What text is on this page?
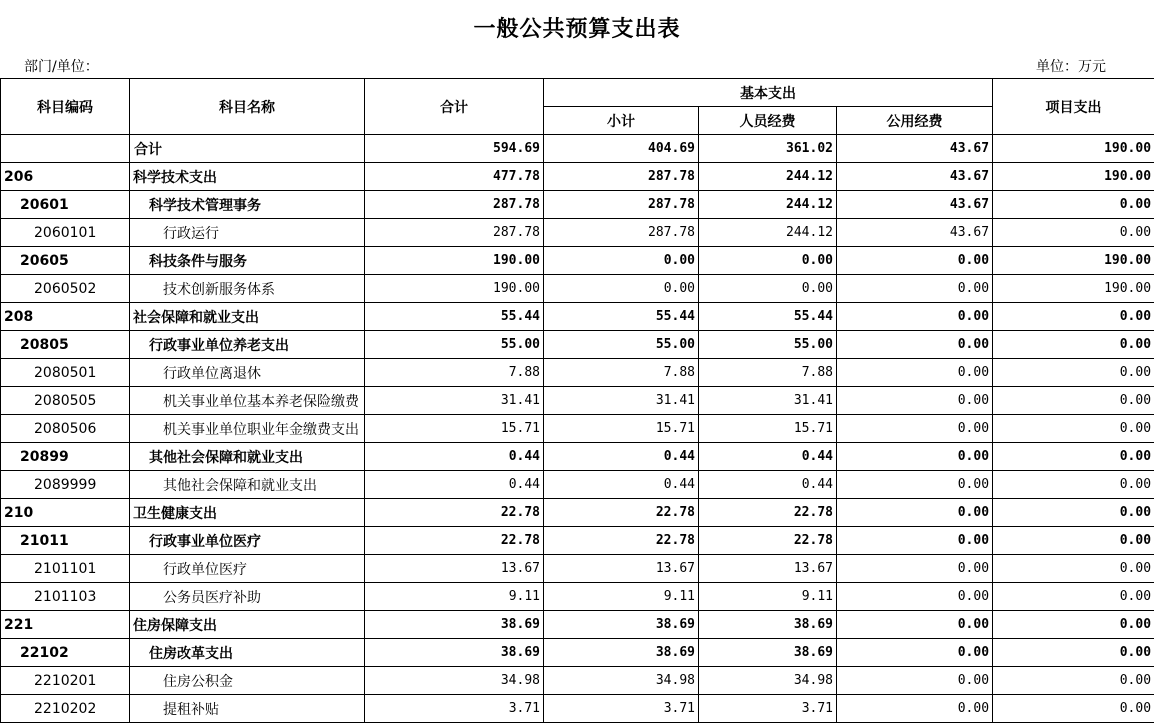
一般公共预算支出表
部门/单位：	单位：万元
科目编码	科目名称	合计	基本支出			项目支出
			小计	人员经费	公用经费	
	合计	594.69	404.69	361.02	43.67	190.00
206	科学技术支出	477.78	287.78	244.12	43.67	190.00
20601	科学技术管理事务	287.78	287.78	244.12	43.67	0.00
2060101	行政运行	287.78	287.78	244.12	43.67	0.00
20605	科技条件与服务	190.00	0.00	0.00	0.00	190.00
2060502	技术创新服务体系	190.00	0.00	0.00	0.00	190.00
208	社会保障和就业支出	55.44	55.44	55.44	0.00	0.00
20805	行政事业单位养老支出	55.00	55.00	55.00	0.00	0.00
2080501	行政单位离退休	7.88	7.88	7.88	0.00	0.00
2080505	机关事业单位基本养老保险缴费	31.41	31.41	31.41	0.00	0.00
2080506	机关事业单位职业年金缴费支出	15.71	15.71	15.71	0.00	0.00
20899	其他社会保障和就业支出	0.44	0.44	0.44	0.00	0.00
2089999	其他社会保障和就业支出	0.44	0.44	0.44	0.00	0.00
210	卫生健康支出	22.78	22.78	22.78	0.00	0.00
21011	行政事业单位医疗	22.78	22.78	22.78	0.00	0.00
2101101	行政单位医疗	13.67	13.67	13.67	0.00	0.00
2101103	公务员医疗补助	9.11	9.11	9.11	0.00	0.00
221	住房保障支出	38.69	38.69	38.69	0.00	0.00
22102	住房改革支出	38.69	38.69	38.69	0.00	0.00
2210201	住房公积金	34.98	34.98	34.98	0.00	0.00
2210202	提租补贴	3.71	3.71	3.71	0.00	0.00
